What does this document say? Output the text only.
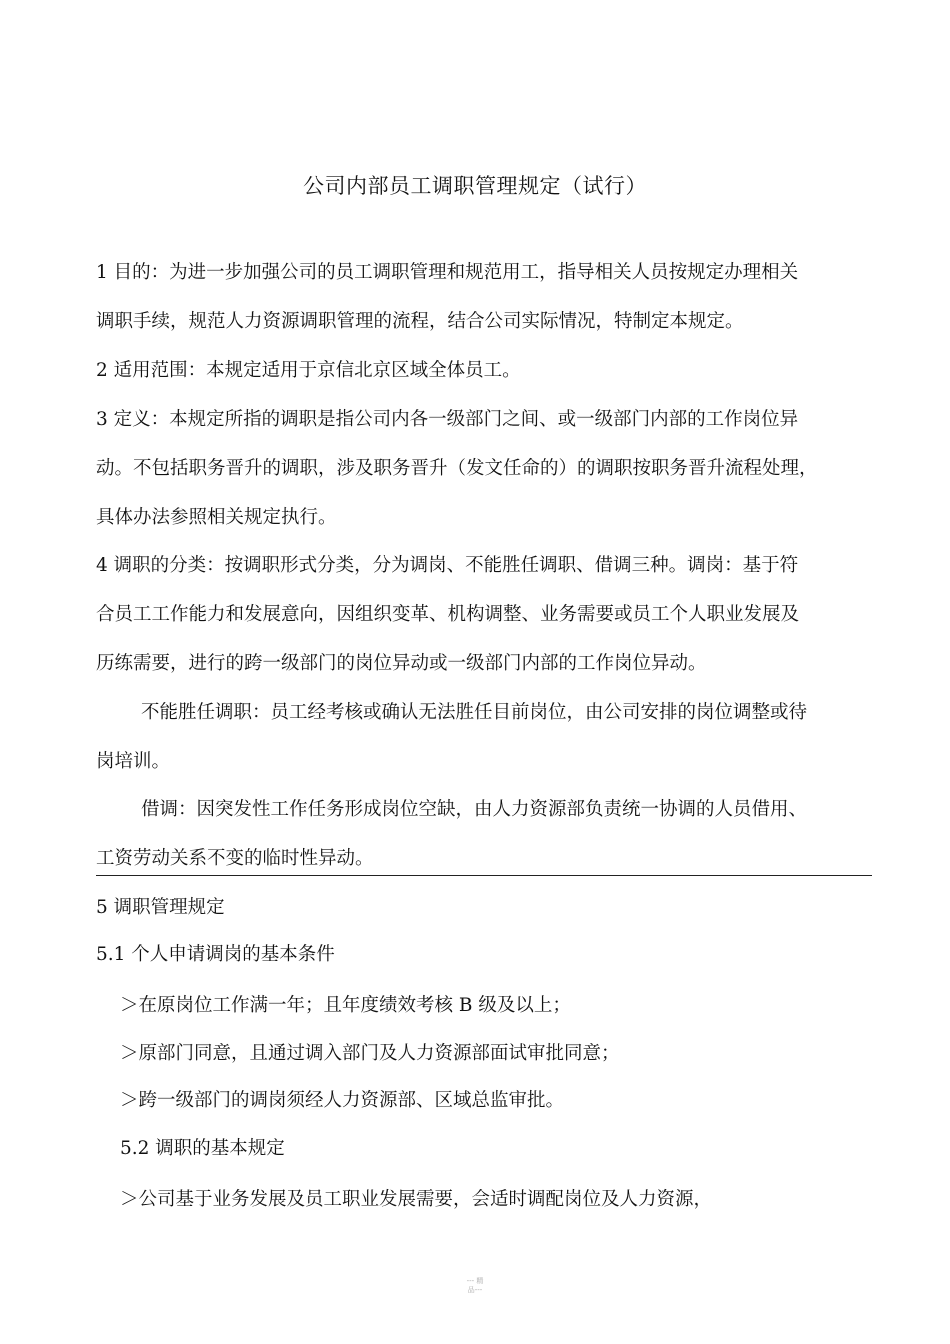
公司内部员工调职管理规定（试行）
1 目的：为进一步加强公司的员工调职管理和规范用工，指导相关人员按规定办理相关
调职手续，规范人力资源调职管理的流程，结合公司实际情况，特制定本规定。
2 适用范围：本规定适用于京信北京区域全体员工。
3 定义：本规定所指的调职是指公司内各一级部门之间、或一级部门内部的工作岗位异
动。不包括职务晋升的调职，涉及职务晋升（发文任命的）的调职按职务晋升流程处理，
具体办法参照相关规定执行。
4 调职的分类：按调职形式分类，分为调岗、不能胜任调职、借调三种。调岗：基于符
合员工工作能力和发展意向，因组织变革、机构调整、业务需要或员工个人职业发展及
历练需要，进行的跨一级部门的岗位异动或一级部门内部的工作岗位异动。
不能胜任调职：员工经考核或确认无法胜任目前岗位，由公司安排的岗位调整或待
岗培训。
借调：因突发性工作任务形成岗位空缺，由人力资源部负责统一协调的人员借用、
工资劳动关系不变的临时性异动。
5 调职管理规定
5.1 个人申请调岗的基本条件
＞在原岗位工作满一年；且年度绩效考核 B 级及以上；
＞原部门同意，且通过调入部门及人力资源部面试审批同意；
＞跨一级部门的调岗须经人力资源部、区域总监审批。
5.2 调职的基本规定
＞公司基于业务发展及员工职业发展需要，会适时调配岗位及人力资源，
--- 精
品---
